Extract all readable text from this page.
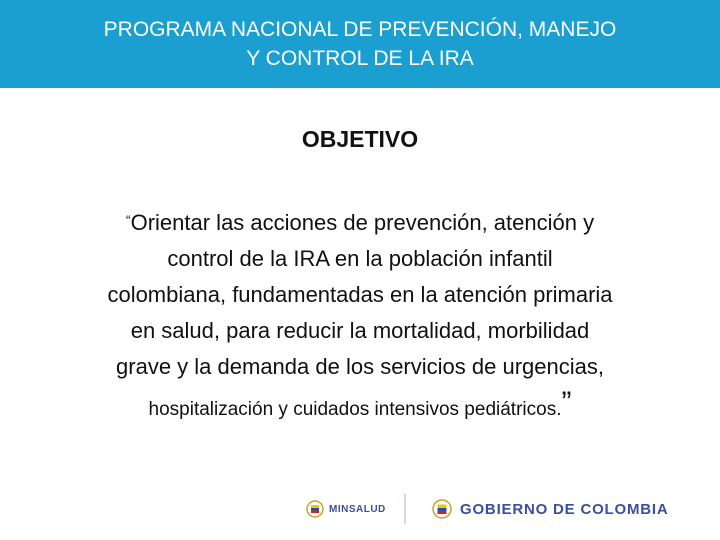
PROGRAMA NACIONAL DE PREVENCIÓN, MANEJO
Y CONTROL DE LA IRA
OBJETIVO
“Orientar las acciones de prevención, atención y
control de la IRA en la población infantil
colombiana, fundamentadas en la atención primaria
en salud, para reducir la mortalidad, morbilidad
grave y la demanda de los servicios de urgencias,
hospitalización y cuidados intensivos pediátricos.”
MINSALUD	GOBIERNO DE COLOMBIA
